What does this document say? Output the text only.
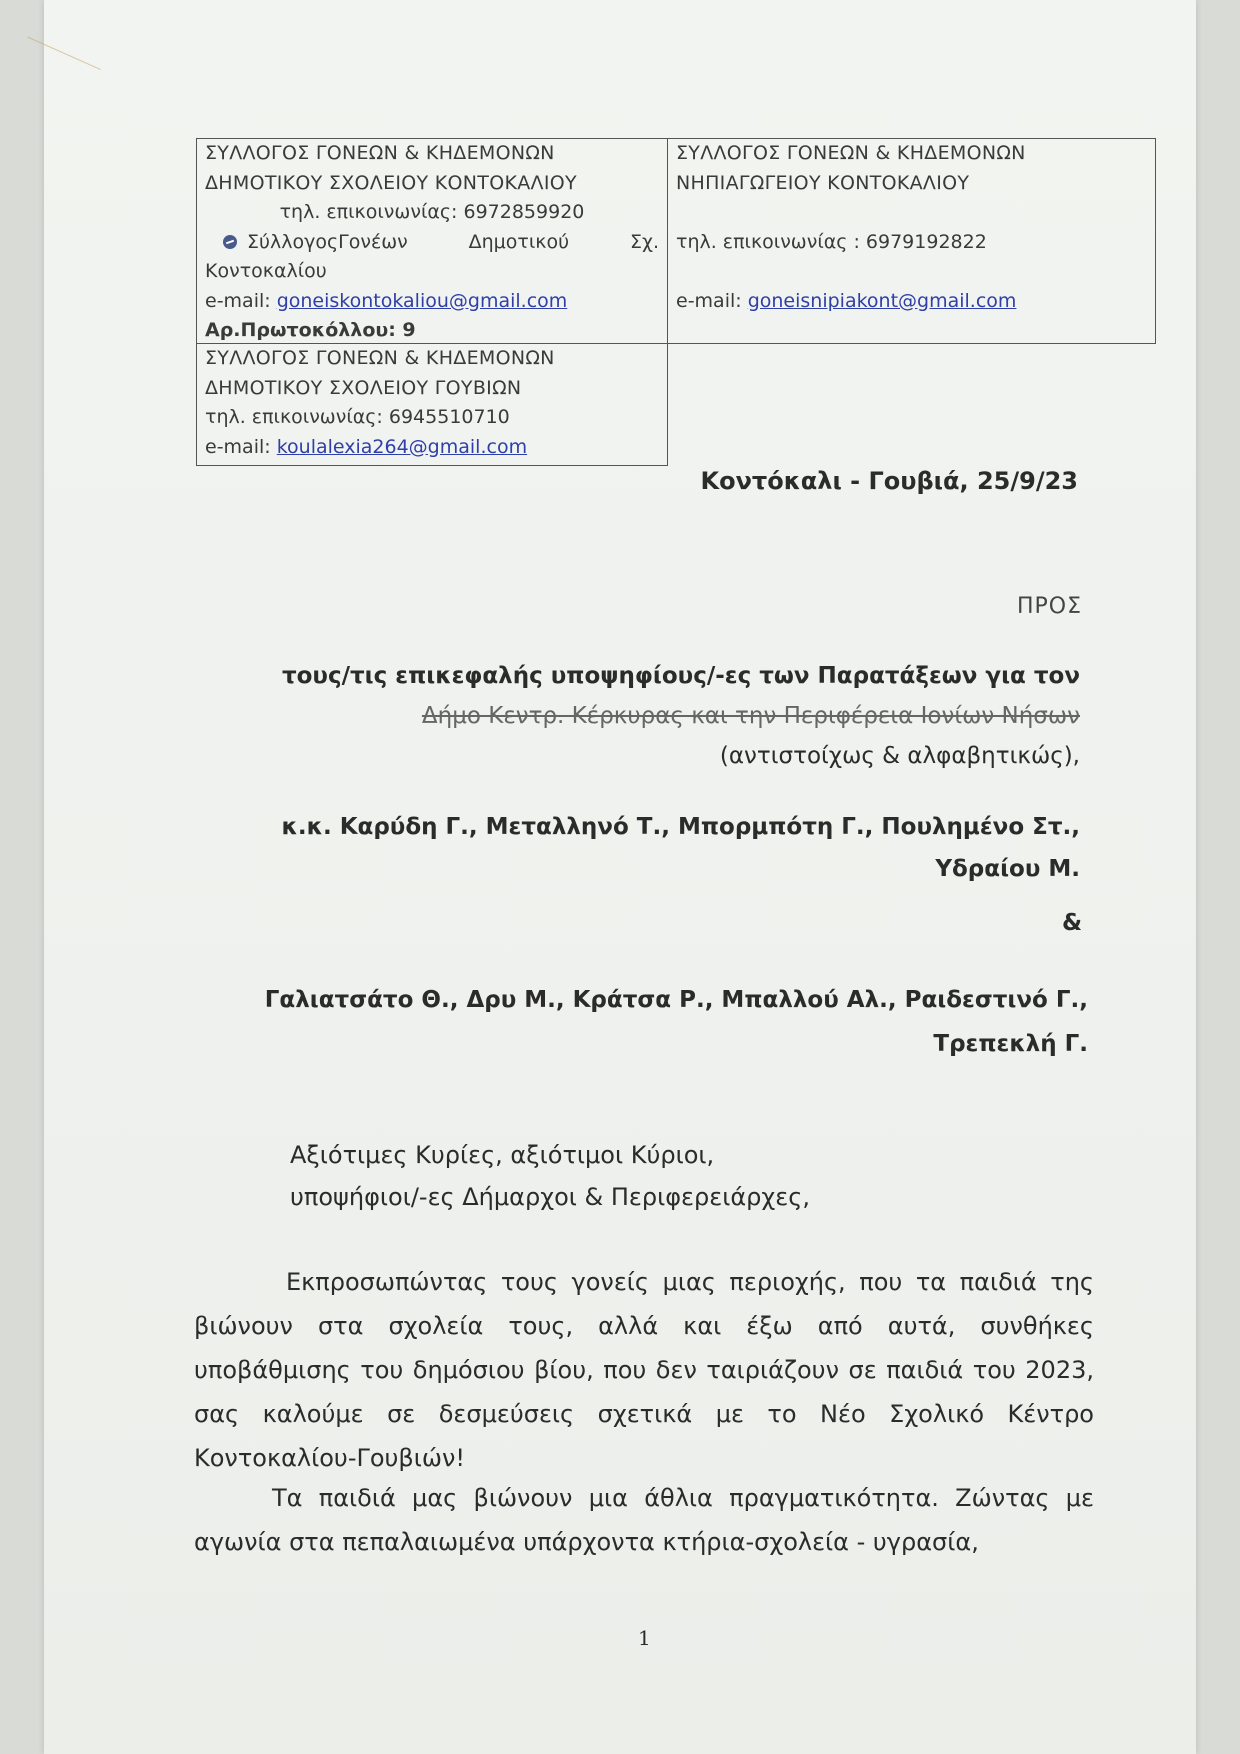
ΣΥΛΛΟΓΟΣ ΓΟΝΕΩΝ & ΚΗΔΕΜΟΝΩΝ
ΔΗΜΟΤΙΚΟΥ ΣΧΟΛΕΙΟΥ ΚΟΝΤΟΚΑΛΙΟΥ
τηλ. επικοινωνίας: 6972859920
ΣύλλογοςΓονέων	Δημοτικού	Σχ.
Κοντοκαλίου
e-mail: goneiskontokaliou@gmail.com
Αρ.Πρωτοκόλλου: 9
ΣΥΛΛΟΓΟΣ ΓΟΝΕΩΝ & ΚΗΔΕΜΟΝΩΝ
ΝΗΠΙΑΓΩΓΕΙΟΥ ΚΟΝΤΟΚΑΛΙΟΥ
τηλ. επικοινωνίας : 6979192822
e-mail: goneisnipiakont@gmail.com
ΣΥΛΛΟΓΟΣ ΓΟΝΕΩΝ & ΚΗΔΕΜΟΝΩΝ
ΔΗΜΟΤΙΚΟΥ ΣΧΟΛΕΙΟΥ ΓΟΥΒΙΩΝ
τηλ. επικοινωνίας: 6945510710
e-mail: koulalexia264@gmail.com
Κοντόκαλι - Γουβιά, 25/9/23
ΠΡΟΣ
τους/τις επικεφαλής υποψηφίους/-ες των Παρατάξεων για τον
Δήμο Κεντρ. Κέρκυρας και την Περιφέρεια Ιονίων Νήσων
(αντιστοίχως & αλφαβητικώς),
κ.κ. Καρύδη Γ., Μεταλληνό Τ., Μπορμπότη Γ., Πουλημένο Στ.,
Υδραίου Μ.
&
Γαλιατσάτο Θ., Δρυ Μ., Κράτσα Ρ., Μπαλλού Αλ., Ραιδεστινό Γ.,
Τρεπεκλή Γ.
Αξιότιμες Κυρίες, αξιότιμοι Κύριοι,
υποψήφιοι/-ες Δήμαρχοι & Περιφερειάρχες,
Εκπροσωπώντας τους γονείς μιας περιοχής, που τα παιδιά της βιώνουν στα σχολεία τους, αλλά και έξω από αυτά, συνθήκες υποβάθμισης του δημόσιου βίου, που δεν ταιριάζουν σε παιδιά του 2023, σας καλούμε σε δεσμεύσεις σχετικά με το Νέο Σχολικό Κέντρο Κοντοκαλίου-Γουβιών!
Τα παιδιά μας βιώνουν μια άθλια πραγματικότητα. Ζώντας με αγωνία στα πεπαλαιωμένα υπάρχοντα κτήρια-σχολεία - υγρασία,
1
